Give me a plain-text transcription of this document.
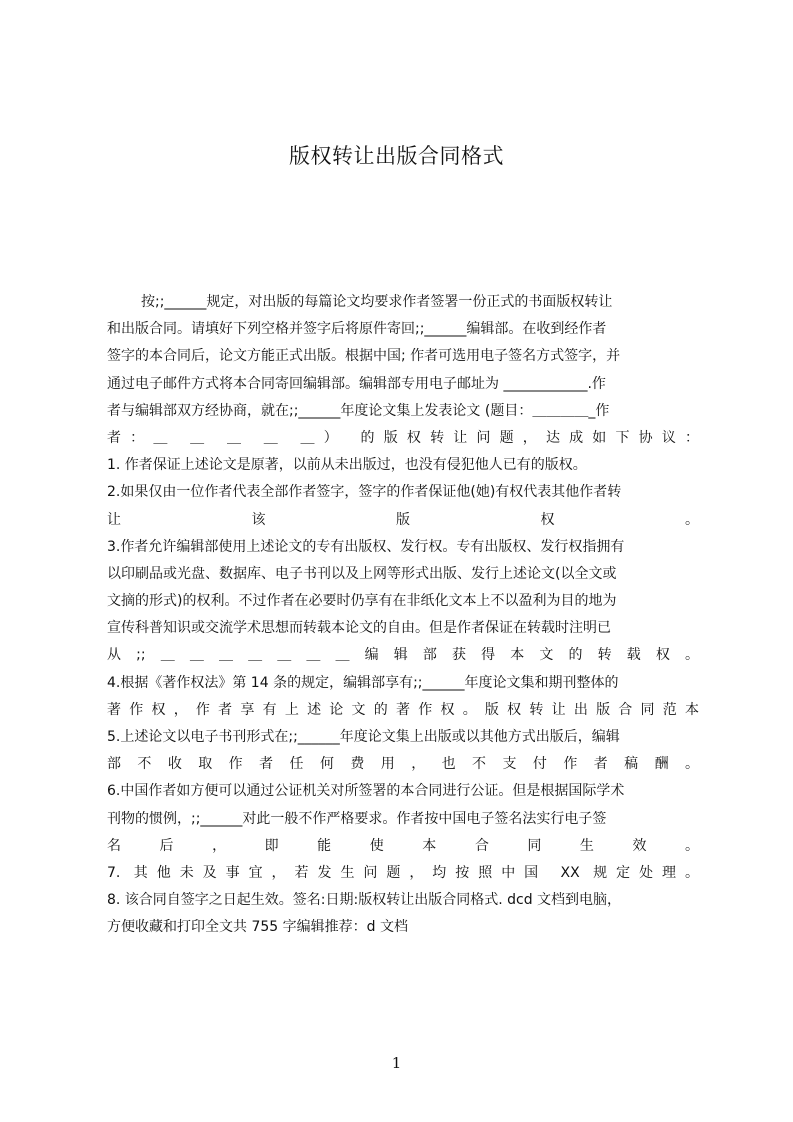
版权转让出版合同格式
按;;______规定，对出版的每篇论文均要求作者签署一份正式的书面版权转让
和出版合同。请填好下列空格并签字后将原件寄回;;______编辑部。在收到经作者
签字的本合同后，论文方能正式出版。根据中国; 作者可选用电子签名方式签字，并
通过电子邮件方式将本合同寄回编辑部。编辑部专用电子邮址为 ____________.作
者与编辑部双方经协商，就在;;______年度论文集上发表论文 (题目：＿＿＿＿_作
者：＿ ＿ ＿ ＿ ＿） 的版权转让问题，达成如下协议：
1. 作者保证上述论文是原著，以前从未出版过，也没有侵犯他人已有的版权。
2.如果仅由一位作者代表全部作者签字，签字的作者保证他(她)有权代表其他作者转
让 该 版 权 。
3.作者允许编辑部使用上述论文的专有出版权、发行权。专有出版权、发行权指拥有
以印刷品或光盘、数据库、电子书刊以及上网等形式出版、发行上述论文(以全文或
文摘的形式)的权利。不过作者在必要时仍享有在非纸化文本上不以盈利为目的地为
宣传科普知识或交流学术思想而转载本论文的自由。但是作者保证在转载时注明已
从;;＿＿＿＿＿＿＿编辑部获得本文的转载权。
4.根据《著作权法》第 14 条的规定，编辑部享有;;______年度论文集和期刊整体的
著作权，作者享有上述论文的著作权。版权转让出版合同范本
5.上述论文以电子书刊形式在;;______年度论文集上出版或以其他方式出版后，编辑
部不收取作者任何费用，也不支付作者稿酬。
6.中国作者如方便可以通过公证机关对所签署的本合同进行公证。但是根据国际学术
刊物的惯例，;;______对此一般不作严格要求。作者按中国电子签名法实行电子签
名 后 ， 即 能 使 本 合 同 生 效 。
7. 其他未及事宜，若发生问题，均按照中国 XX 规定处理。
8. 该合同自签字之日起生效。签名:日期:版权转让出版合同格式. dcd 文档到电脑，
方便收藏和打印全文共 755 字编辑推荐：d 文档
1
